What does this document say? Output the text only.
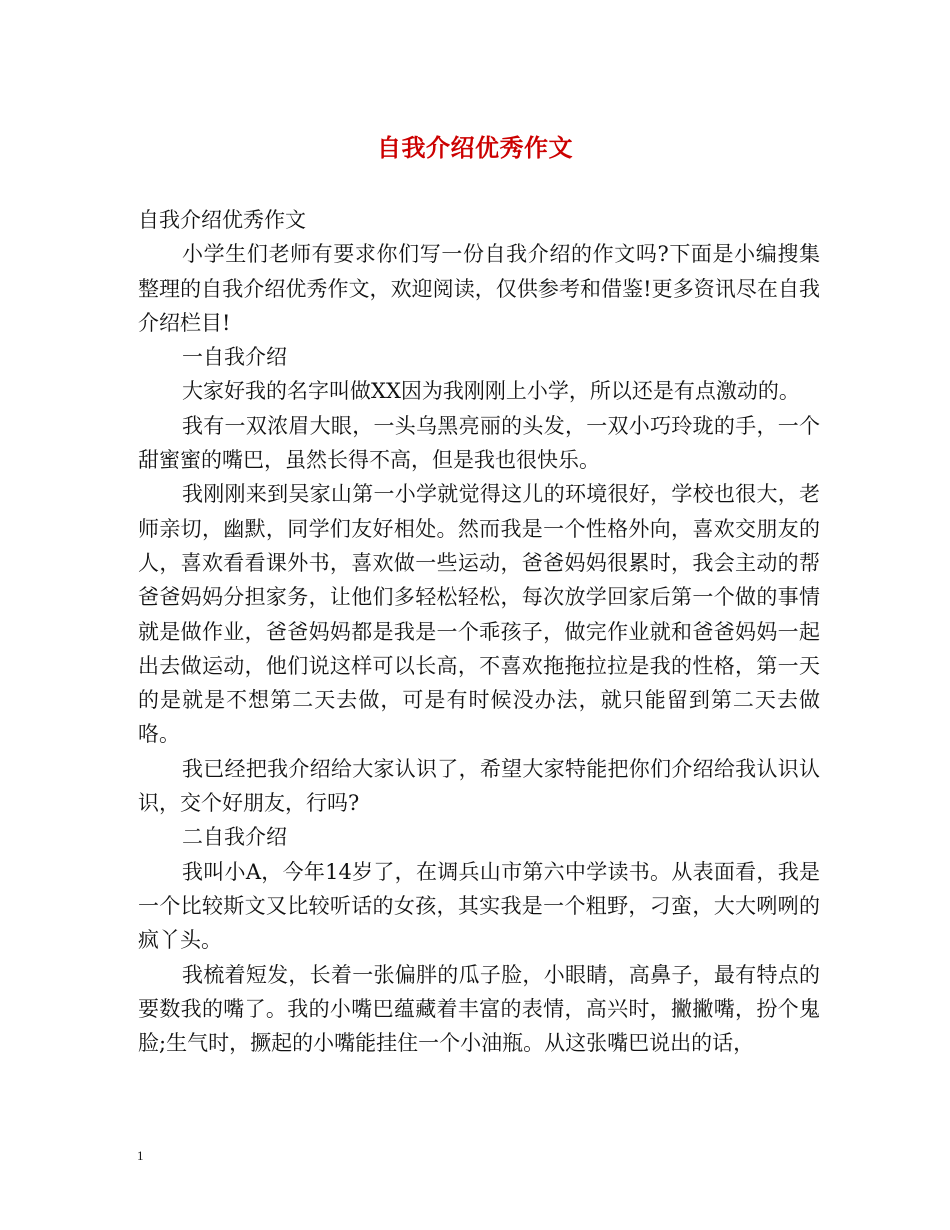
自我介绍优秀作文

自我介绍优秀作文

小学生们老师有要求你们写一份自我介绍的作文吗?下面是小编搜集整理的自我介绍优秀作文，欢迎阅读，仅供参考和借鉴!更多资讯尽在自我介绍栏目!

一自我介绍

大家好我的名字叫做XX因为我刚刚上小学，所以还是有点激动的。

我有一双浓眉大眼，一头乌黑亮丽的头发，一双小巧玲珑的手，一个甜蜜蜜的嘴巴，虽然长得不高，但是我也很快乐。

我刚刚来到吴家山第一小学就觉得这儿的环境很好，学校也很大，老师亲切，幽默，同学们友好相处。然而我是一个性格外向，喜欢交朋友的人，喜欢看看课外书，喜欢做一些运动，爸爸妈妈很累时，我会主动的帮爸爸妈妈分担家务，让他们多轻松轻松，每次放学回家后第一个做的事情就是做作业，爸爸妈妈都是我是一个乖孩子，做完作业就和爸爸妈妈一起出去做运动，他们说这样可以长高，不喜欢拖拖拉拉是我的性格，第一天的是就是不想第二天去做，可是有时候没办法，就只能留到第二天去做咯。

我已经把我介绍给大家认识了，希望大家特能把你们介绍给我认识认识，交个好朋友，行吗?

二自我介绍

我叫小A，今年14岁了，在调兵山市第六中学读书。从表面看，我是一个比较斯文又比较听话的女孩，其实我是一个粗野，刁蛮，大大咧咧的疯丫头。

我梳着短发，长着一张偏胖的瓜子脸，小眼睛，高鼻子，最有特点的要数我的嘴了。我的小嘴巴蕴藏着丰富的表情，高兴时，撇撇嘴，扮个鬼脸;生气时，撅起的小嘴能挂住一个小油瓶。从这张嘴巴说出的话，

1
